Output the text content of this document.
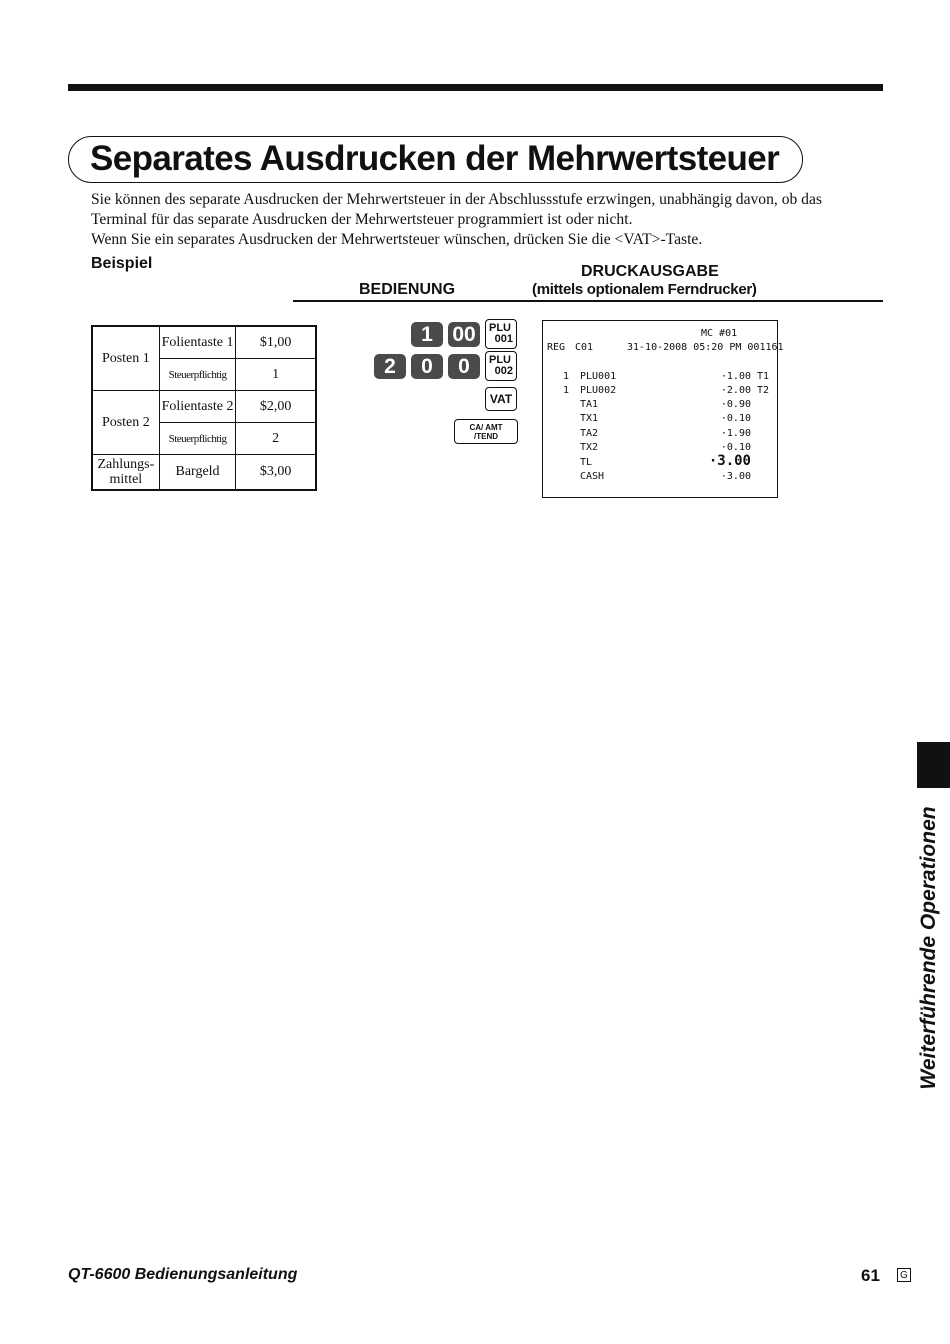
Separates Ausdrucken der Mehrwertsteuer

Sie können des separate Ausdrucken der Mehrwertsteuer in der Abschlussstufe erzwingen, unabhängig davon, ob das Terminal für das separate Ausdrucken der Mehrwertsteuer programmiert ist oder nicht.

Wenn Sie ein separates Ausdrucken der Mehrwertsteuer wünschen, drücken Sie die <VAT>-Taste.

Beispiel	DRUCKAUSGABE
BEDIENUNG	(mittels optionalem Ferndrucker)
Posten 1	Folientaste 1	$1,00
	Steuerpflichtig	1
Posten 2	Folientaste 2	$2,00
	Steuerpflichtig	2
Zahlungs-
mittel	Bargeld	$3,00
1 00	PLU
001
2	0	0	PLU
002
VAT
CA/ AMT
/TEND
MC #01
REG C01	31-10-2008 05:20 PM 001161
1 PLU001	·1.00 T1
1 PLU002	·2.00 T2
TA1	·0.90
TX1	·0.10
TA2	·1.90
TX2	·0.10
TL	·3.00
CASH	·3.00
Weiterführende Operationen
QT-6600 Bedienungsanleitung	61	G
